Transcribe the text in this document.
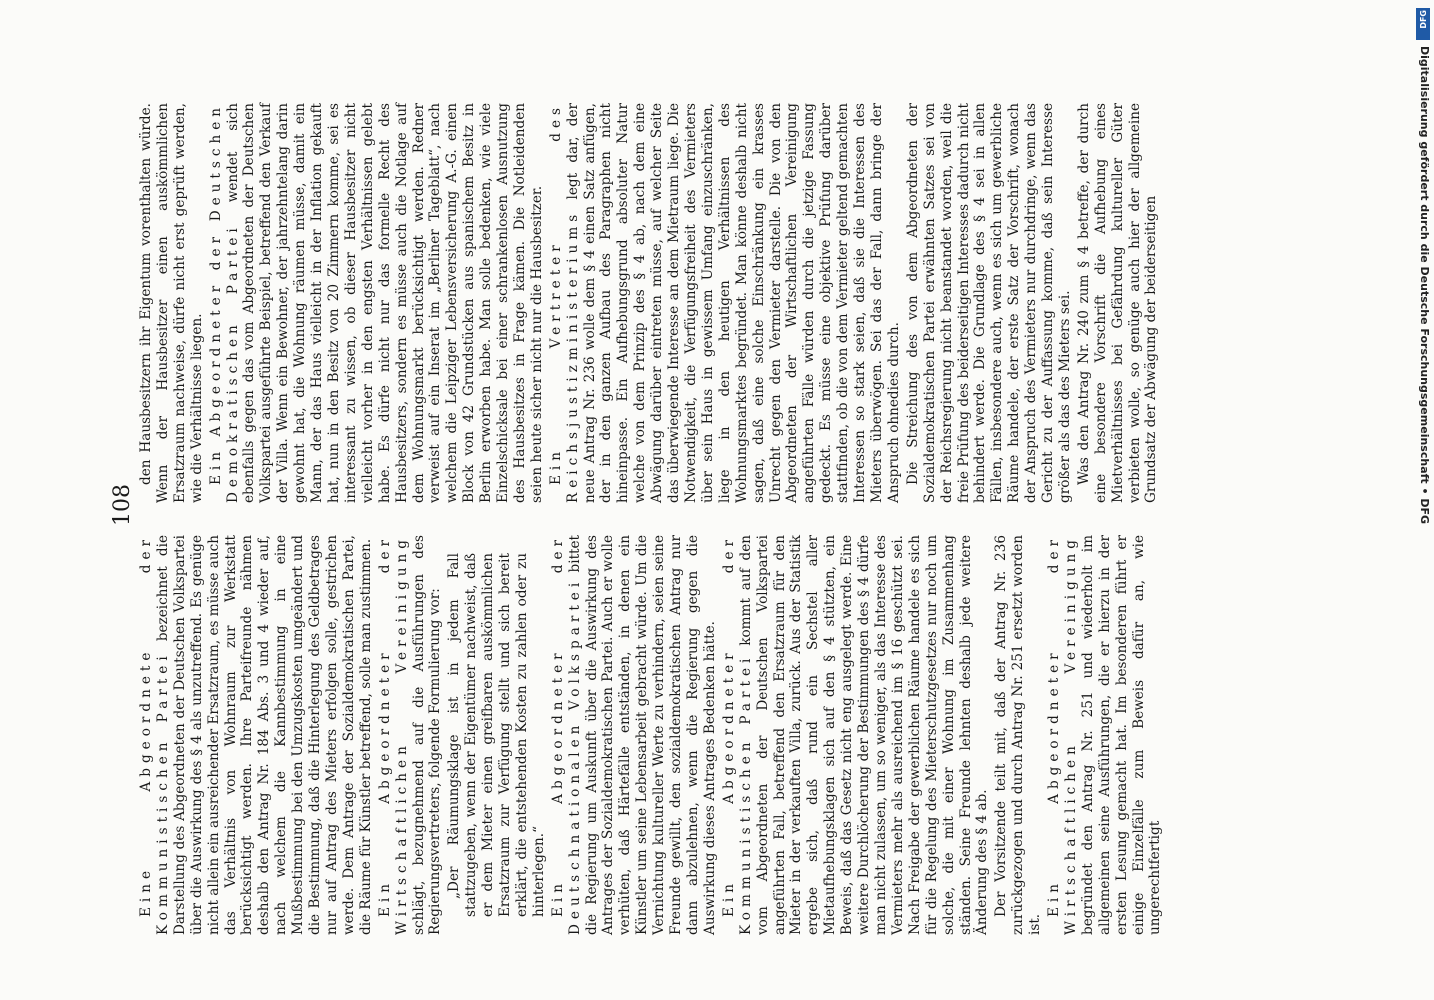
108

Eine Abgeordnete der Kommunistischen Partei bezeichnet die Darstellung des Abgeordneten der Deutschen Volkspartei über die Auswirkung des § 4 als unzutreffend. Es genüge nicht allein ein ausreichender Ersatzraum, es müsse auch das Verhältnis von Wohnraum zur Werkstatt berücksichtigt werden. Ihre Parteifreunde nähmen deshalb den Antrag Nr. 184 Abs. 3 und 4 wieder auf, nach welchem die Kannbestimmung in eine Mußbestimmung bei den Umzugskosten umgeändert und die Bestimmung, daß die Hinterlegung des Geldbetrages nur auf Antrag des Mieters erfolgen solle, gestrichen werde. Dem Antrage der Sozialdemokratischen Partei, die Räume für Künstler betreffend, solle man zustimmen. Ein Abgeordneter der Wirtschaftlichen Vereinigung schlägt, bezugnehmend auf die Ausführungen des Regierungsvertreters, folgende Formulierung vor: „Der Räumungsklage ist in jedem Fall stattzugeben, wenn der Eigentümer nachweist, daß er dem Mieter einen greifbaren auskömmlichen Ersatzraum zur Verfügung stellt und sich bereit erklärt, die entstehenden Kosten zu zahlen oder zu hinterlegen.“ Ein Abgeordneter der Deutschnationalen Volkspartei bittet die Regierung um Auskunft über die Auswirkung des Antrages der Sozialdemokratischen Partei. Auch er wolle verhüten, daß Härtefälle entständen, in denen ein Künstler um seine Lebensarbeit gebracht würde. Um die Vernichtung kultureller Werte zu verhindern, seien seine Freunde gewillt, den sozialdemokratischen Antrag nur dann abzulehnen, wenn die Regierung gegen die Auswirkung dieses Antrages Bedenken hätte. Ein Abgeordneter der Kommunistischen Partei kommt auf den vom Abgeordneten der Deutschen Volkspartei angeführten Fall, betreffend den Ersatzraum für den Mieter in der verkauften Villa, zurück. Aus der Statistik ergebe sich, daß rund ein Sechstel aller Mietaufhebungsklagen sich auf den § 4 stützten, ein Beweis, daß das Gesetz nicht eng ausgelegt werde. Eine weitere Durchlöcherung der Bestimmungen des § 4 dürfe man nicht zulassen, um so weniger, als das Interesse des Vermieters mehr als ausreichend im § 16 geschützt sei. Nach Freigabe der gewerblichen Räume handele es sich für die Regelung des Mieterschutzgesetzes nur noch um solche, die mit einer Wohnung im Zusammenhang ständen. Seine Freunde lehnten deshalb jede weitere Änderung des § 4 ab. Der Vorsitzende teilt mit, daß der Antrag Nr. 236 zurückgezogen und durch Antrag Nr. 251 ersetzt worden ist.

Ein Abgeordneter der Wirtschaftlichen Vereinigung begründet den Antrag Nr. 251 und wiederholt im allgemeinen seine Ausführungen, die er hierzu in der ersten Lesung gemacht hat. Im besonderen führt er einige Einzelfälle zum Beweis dafür an, wie ungerechtfertigt

den Hausbesitzern ihr Eigentum vorenthalten würde. Wenn der Hausbesitzer einen auskömmlichen Ersatzraum nachweise, dürfe nicht erst geprüft werden, wie die Verhältnisse liegen. Ein Abgeordneter der Deutschen Demokratischen Partei wendet sich ebenfalls gegen das vom Abgeordneten der Deutschen Volkspartei ausgeführte Beispiel, betreffend den Verkauf der Villa. Wenn ein Bewohner, der jahrzehntelang darin gewohnt hat, die Wohnung räumen müsse, damit ein Mann, der das Haus vielleicht in der Inflation gekauft hat, nun in den Besitz von 20 Zimmern komme, sei es interessant zu wissen, ob dieser Hausbesitzer nicht vielleicht vorher in den engsten Verhältnissen gelebt habe. Es dürfe nicht nur das formelle Recht des Hausbesitzers, sondern es müsse auch die Notlage auf dem Wohnungsmarkt berücksichtigt werden. Redner verweist auf ein Inserat im „Berliner Tageblatt“, nach welchem die Leipziger Lebensversicherung A.-G. einen Block von 42 Grundstücken aus spanischem Besitz in Berlin erworben habe. Man solle bedenken, wie viele Einzelschicksale bei einer schrankenlosen Ausnutzung des Hausbesitzes in Frage kämen. Die Notleidenden seien heute sicher nicht nur die Hausbesitzer. Ein Vertreter des Reichsjustizministeriums legt dar, der neue Antrag Nr. 236 wolle dem § 4 einen Satz anfügen, der in den ganzen Aufbau des Paragraphen nicht hineinpasse. Ein Aufhebungsgrund absoluter Natur welche von dem Prinzip des § 4 ab, nach dem eine Abwägung darüber eintreten müsse, auf welcher Seite das überwiegende Interesse an dem Mietraum liege. Die Notwendigkeit, die Verfügungsfreiheit des Vermieters über sein Haus in gewissem Umfang einzuschränken, liege in den heutigen Verhältnissen des Wohnungsmarktes begründet. Man könne deshalb nicht sagen, daß eine solche Einschränkung ein krasses Unrecht gegen den Vermieter darstelle. Die von den Abgeordneten der Wirtschaftlichen Vereinigung angeführten Fälle würden durch die jetzige Fassung gedeckt. Es müsse eine objektive Prüfung darüber stattfinden, ob die von dem Vermieter geltend gemachten Interessen so stark seien, daß sie die Interessen des Mieters überwögen. Sei das der Fall, dann bringe der Anspruch ohnedies durch. Die Streichung des von dem Abgeordneten der Sozialdemokratischen Partei erwähnten Satzes sei von der Reichsregierung nicht beanstandet worden, weil die freie Prüfung des beiderseitigen Interesses dadurch nicht behindert werde. Die Grundlage des § 4 sei in allen Fällen, insbesondere auch, wenn es sich um gewerbliche Räume handele, der erste Satz der Vorschrift, wonach der Anspruch des Vermieters nur durchdringe, wenn das Gericht zu der Auffassung komme, daß sein Interesse größer als das des Mieters sei. Was den Antrag Nr. 240 zum § 4 betreffe, der durch eine besondere Vorschrift die Aufhebung eines Mietverhältnisses bei Gefährdung kultureller Güter verbieten wolle, so genüge auch hier der allgemeine Grundsatz der Abwägung der beiderseitigen

DFG
Digitalisierung gefördert durch die Deutsche Forschungsgemeinschaft • DFG
